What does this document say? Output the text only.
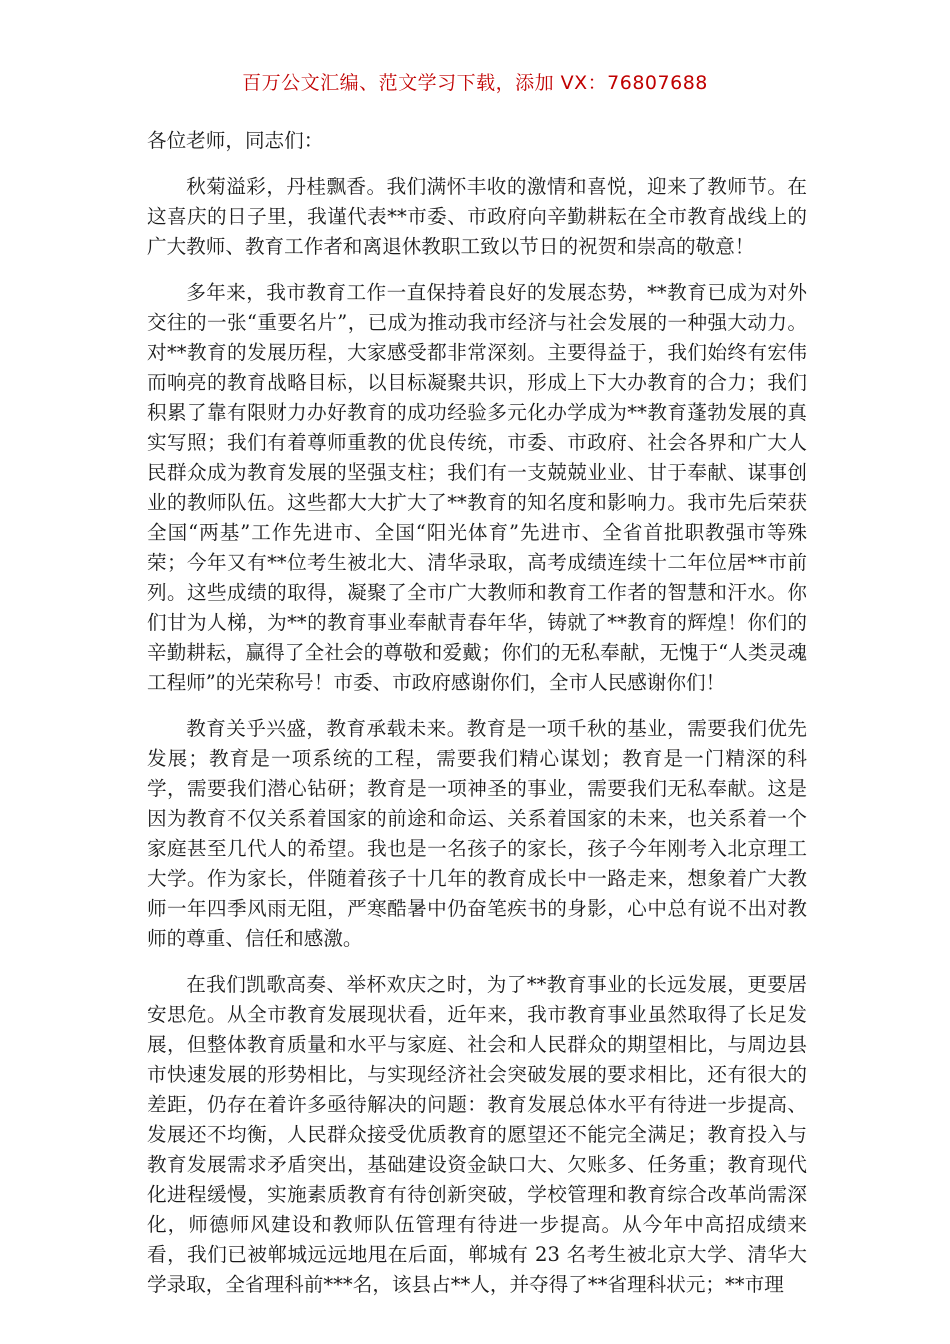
百万公文汇编、范文学习下载，添加 VX：76807688

各位老师，同志们：

秋菊溢彩，丹桂飘香。我们满怀丰收的激情和喜悦，迎来了教师节。在这喜庆的日子里，我谨代表**市委、市政府向辛勤耕耘在全市教育战线上的广大教师、教育工作者和离退休教职工致以节日的祝贺和崇高的敬意！

多年来，我市教育工作一直保持着良好的发展态势，**教育已成为对外交往的一张“重要名片”，已成为推动我市经济与社会发展的一种强大动力。对**教育的发展历程，大家感受都非常深刻。主要得益于，我们始终有宏伟而响亮的教育战略目标，以目标凝聚共识，形成上下大办教育的合力；我们积累了靠有限财力办好教育的成功经验多元化办学成为**教育蓬勃发展的真实写照；我们有着尊师重教的优良传统，市委、市政府、社会各界和广大人民群众成为教育发展的坚强支柱；我们有一支兢兢业业、甘于奉献、谋事创业的教师队伍。这些都大大扩大了**教育的知名度和影响力。我市先后荣获全国“两基”工作先进市、全国“阳光体育”先进市、全省首批职教强市等殊荣；今年又有**位考生被北大、清华录取，高考成绩连续十二年位居**市前列。这些成绩的取得，凝聚了全市广大教师和教育工作者的智慧和汗水。你们甘为人梯，为**的教育事业奉献青春年华，铸就了**教育的辉煌！你们的辛勤耕耘，赢得了全社会的尊敬和爱戴；你们的无私奉献，无愧于“人类灵魂工程师”的光荣称号！市委、市政府感谢你们，全市人民感谢你们！

教育关乎兴盛，教育承载未来。教育是一项千秋的基业，需要我们优先发展；教育是一项系统的工程，需要我们精心谋划；教育是一门精深的科学，需要我们潜心钻研；教育是一项神圣的事业，需要我们无私奉献。这是因为教育不仅关系着国家的前途和命运、关系着国家的未来，也关系着一个家庭甚至几代人的希望。我也是一名孩子的家长，孩子今年刚考入北京理工大学。作为家长，伴随着孩子十几年的教育成长中一路走来，想象着广大教师一年四季风雨无阻，严寒酷暑中仍奋笔疾书的身影，心中总有说不出对教师的尊重、信任和感激。

在我们凯歌高奏、举杯欢庆之时，为了**教育事业的长远发展，更要居安思危。从全市教育发展现状看，近年来，我市教育事业虽然取得了长足发展，但整体教育质量和水平与家庭、社会和人民群众的期望相比，与周边县市快速发展的形势相比，与实现经济社会突破发展的要求相比，还有很大的差距，仍存在着许多亟待解决的问题：教育发展总体水平有待进一步提高、发展还不均衡，人民群众接受优质教育的愿望还不能完全满足；教育投入与教育发展需求矛盾突出，基础建设资金缺口大、欠账多、任务重；教育现代化进程缓慢，实施素质教育有待创新突破，学校管理和教育综合改革尚需深化，师德师风建设和教师队伍管理有待进一步提高。从今年中高招成绩来看，我们已被郸城远远地甩在后面，郸城有 23 名考生被北京大学、清华大学录取，全省理科前***名，该县占**人，并夺得了**省理科状元；**市理
